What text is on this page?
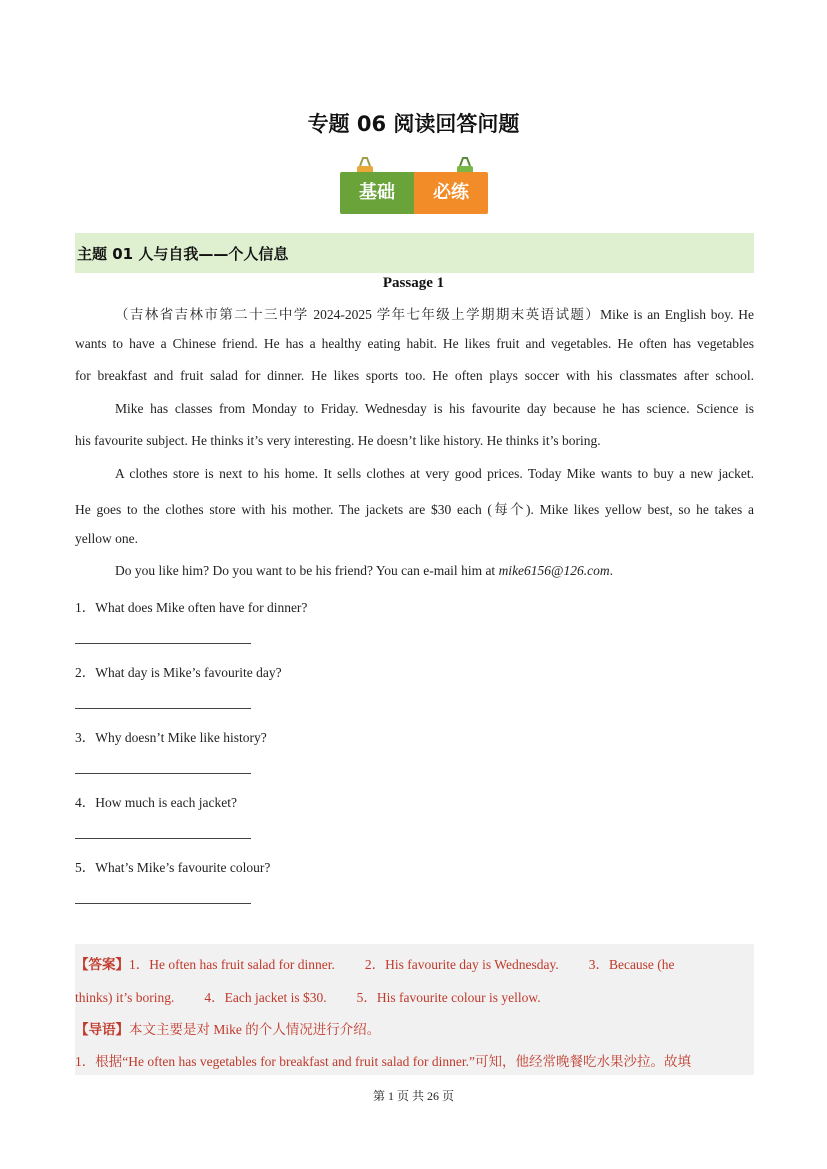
专题 06 阅读回答问题
基础	必练
主题 01 人与自我——个人信息
Passage 1
（吉林省吉林市第二十三中学 2024-2025 学年七年级上学期期末英语试题）Mike is an English boy. He
wants to have a Chinese friend. He has a healthy eating habit. He likes fruit and vegetables. He often has vegetables
for breakfast and fruit salad for dinner. He likes sports too. He often plays soccer with his classmates after school.
Mike has classes from Monday to Friday. Wednesday is his favourite day because he has science. Science is
his favourite subject. He thinks it’s very interesting. He doesn’t like history. He thinks it’s boring.
A clothes store is next to his home. It sells clothes at very good prices. Today Mike wants to buy a new jacket.
He goes to the clothes store with his mother. The jackets are $30 each (每个). Mike likes yellow best, so he takes a
yellow one.
Do you like him? Do you want to be his friend? You can e-mail him at mike6156@126.com.
1．What does Mike often have for dinner?
2．What day is Mike’s favourite day?
3．Why doesn’t Mike like history?
4．How much is each jacket?
5．What’s Mike’s favourite colour?
【答案】1．He often has fruit salad for dinner. 2．His favourite day is Wednesday. 3．Because (he
thinks) it’s boring. 4．Each jacket is $30. 5．His favourite colour is yellow.
【导语】本文主要是对 Mike 的个人情况进行介绍。
1．根据“He often has vegetables for breakfast and fruit salad for dinner.”可知，他经常晚餐吃水果沙拉。故填
第 1 页 共 26 页
